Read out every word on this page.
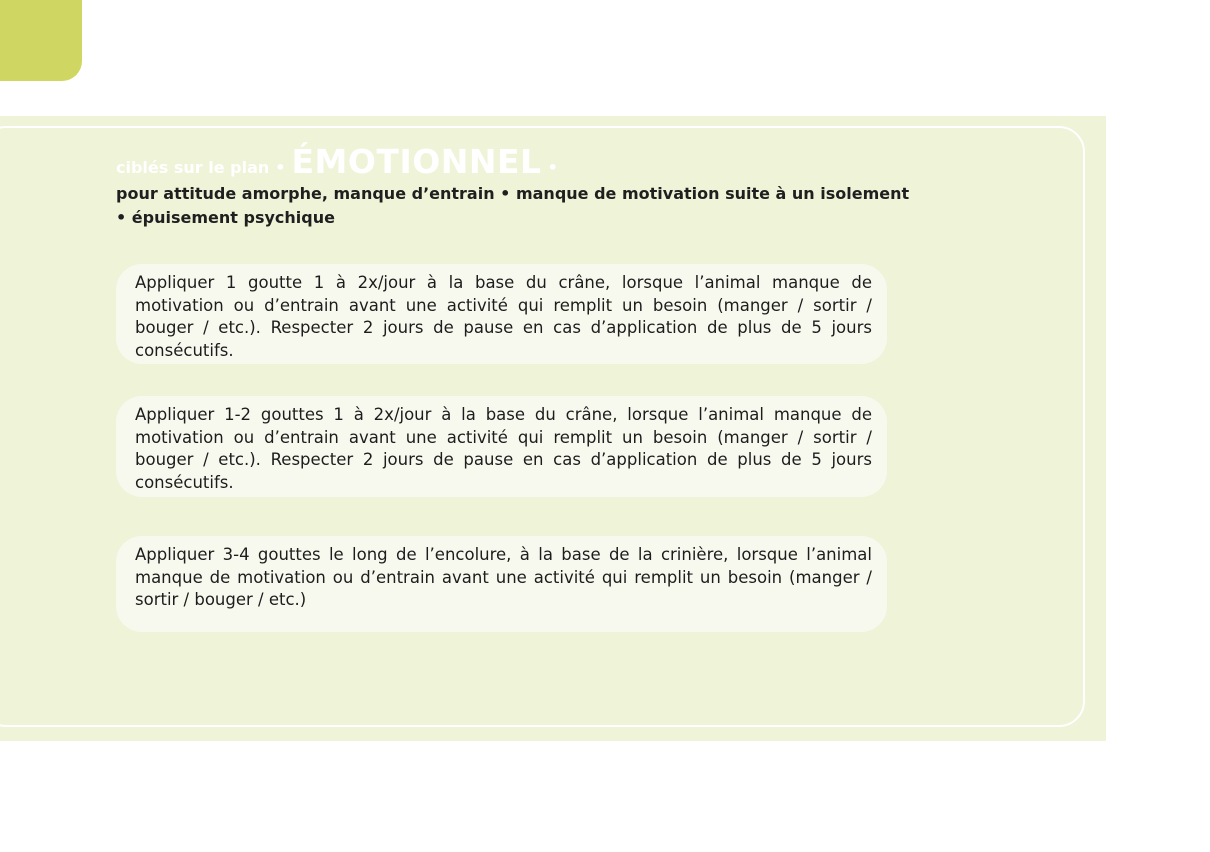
ciblés sur le plan • ÉMOTIONNEL •

pour attitude amorphe, manque d’entrain • manque de motivation suite à un isolement • épuisement psychique

Appliquer 1 goutte 1 à 2x/jour à la base du crâne, lorsque l’animal manque de motivation ou d’entrain avant une activité qui remplit un besoin (manger / sortir / bouger / etc.). Respecter 2 jours de pause en cas d’application de plus de 5 jours consécutifs.
Appliquer 1-2 gouttes 1 à 2x/jour à la base du crâne, lorsque l’animal manque de motivation ou d’entrain avant une activité qui remplit un besoin (manger / sortir / bouger / etc.). Respecter 2 jours de pause en cas d’application de plus de 5 jours consécutifs.
Appliquer 3-4 gouttes le long de l’encolure, à la base de la crinière, lorsque l’animal manque de motivation ou d’entrain avant une activité qui remplit un besoin (manger / sortir / bouger / etc.)
